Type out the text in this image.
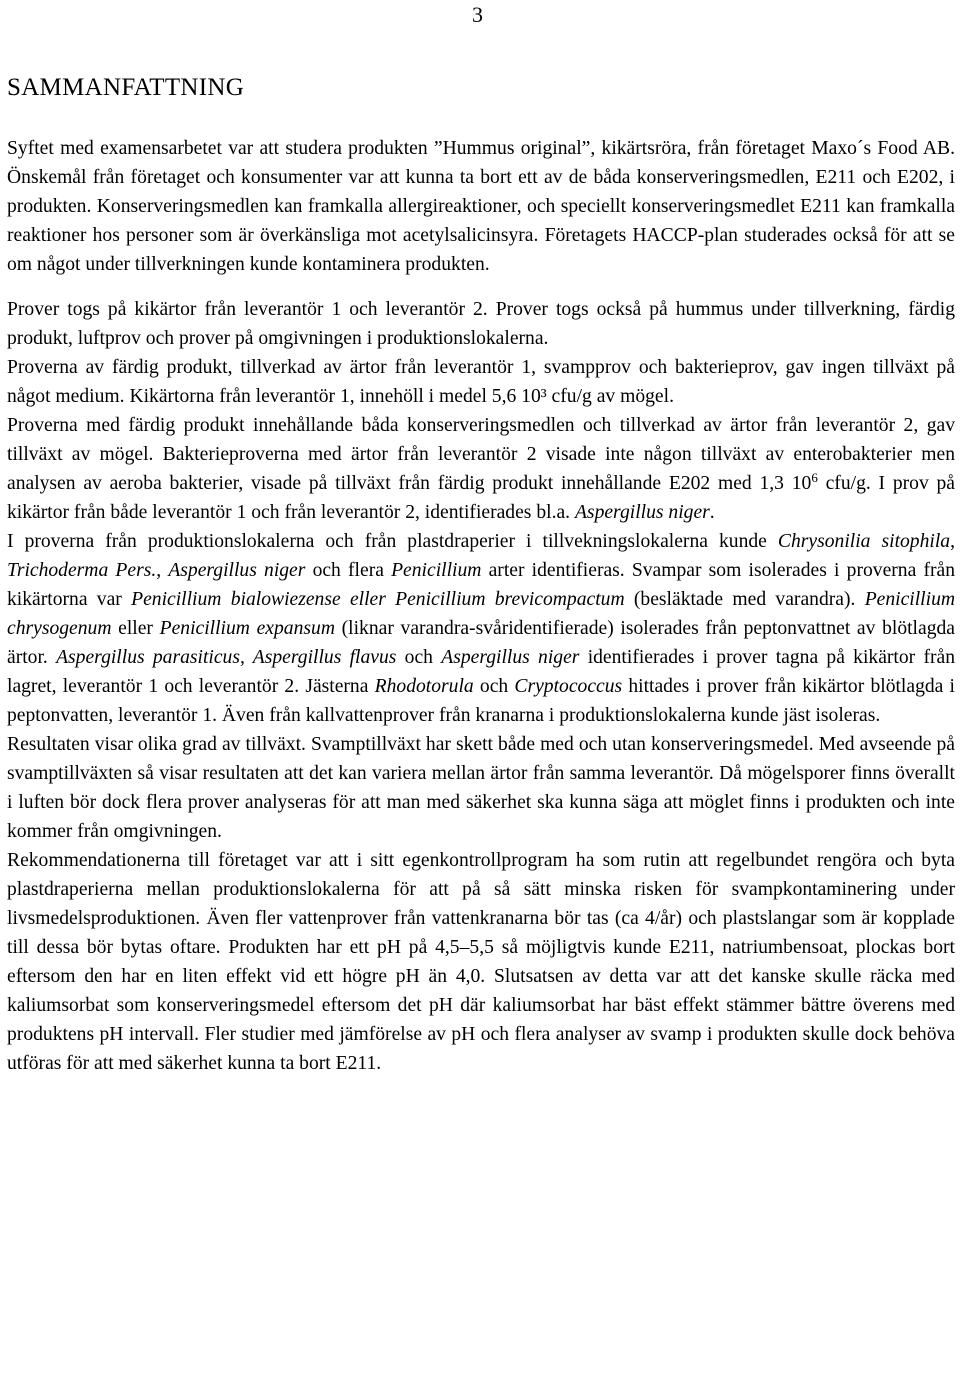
3
SAMMANFATTNING

Syftet med examensarbetet var att studera produkten ”Hummus original”, kikärtsröra, från företaget Maxo´s Food AB. Önskemål från företaget och konsumenter var att kunna ta bort ett av de båda konserveringsmedlen, E211 och E202, i produkten. Konserveringsmedlen kan framkalla allergireaktioner, och speciellt konserveringsmedlet E211 kan framkalla reaktioner hos personer som är överkänsliga mot acetylsalicinsyra. Företagets HACCP-plan studerades också för att se om något under tillverkningen kunde kontaminera produkten.

Prover togs på kikärtor från leverantör 1 och leverantör 2. Prover togs också på hummus under tillverkning, färdig produkt, luftprov och prover på omgivningen i produktionslokalerna.

Proverna av färdig produkt, tillverkad av ärtor från leverantör 1, svampprov och bakterieprov, gav ingen tillväxt på något medium. Kikärtorna från leverantör 1, innehöll i medel 5,6 10³ cfu/g av mögel.

Proverna med färdig produkt innehållande båda konserveringsmedlen och tillverkad av ärtor från leverantör 2, gav tillväxt av mögel. Bakterieproverna med ärtor från leverantör 2 visade inte någon tillväxt av enterobakterier men analysen av aeroba bakterier, visade på tillväxt från färdig produkt innehållande E202 med 1,3 $10^6$ cfu/g. I prov på kikärtor från både leverantör 1 och från leverantör 2, identifierades bl.a. Aspergillus niger.

I proverna från produktionslokalerna och från plastdraperier i tillvekningslokalerna kunde Chrysonilia sitophila, Trichoderma Pers., Aspergillus niger och flera Penicillium arter identifieras. Svampar som isolerades i proverna från kikärtorna var Penicillium bialowiezense eller Penicillium brevicompactum (besläktade med varandra). Penicillium chrysogenum eller Penicillium expansum (liknar varandra-svåridentifierade) isolerades från peptonvattnet av blötlagda ärtor. Aspergillus parasiticus, Aspergillus flavus och Aspergillus niger identifierades i prover tagna på kikärtor från lagret, leverantör 1 och leverantör 2. Jästerna Rhodotorula och Cryptococcus hittades i prover från kikärtor blötlagda i peptonvatten, leverantör 1. Även från kallvattenprover från kranarna i produktionslokalerna kunde jäst isoleras.

Resultaten visar olika grad av tillväxt. Svamptillväxt har skett både med och utan konserveringsmedel. Med avseende på svamptillväxten så visar resultaten att det kan variera mellan ärtor från samma leverantör. Då mögelsporer finns överallt i luften bör dock flera prover analyseras för att man med säkerhet ska kunna säga att möglet finns i produkten och inte kommer från omgivningen.

Rekommendationerna till företaget var att i sitt egenkontrollprogram ha som rutin att regelbundet rengöra och byta plastdraperierna mellan produktionslokalerna för att på så sätt minska risken för svampkontaminering under livsmedelsproduktionen. Även fler vattenprover från vattenkranarna bör tas (ca 4/år) och plastslangar som är kopplade till dessa bör bytas oftare. Produkten har ett pH på 4,5–5,5 så möjligtvis kunde E211, natriumbensoat, plockas bort eftersom den har en liten effekt vid ett högre pH än 4,0. Slutsatsen av detta var att det kanske skulle räcka med kaliumsorbat som konserveringsmedel eftersom det pH där kaliumsorbat har bäst effekt stämmer bättre överens med produktens pH intervall. Fler studier med jämförelse av pH och flera analyser av svamp i produkten skulle dock behöva utföras för att med säkerhet kunna ta bort E211.
